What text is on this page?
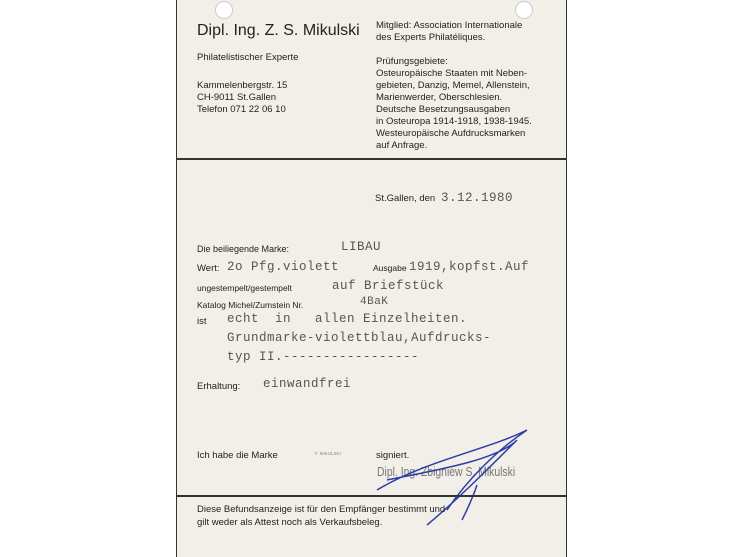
Dipl. Ing. Z. S. Mikulski
Philatelistischer Experte
Kammelenbergstr. 15
CH-9011 St.Gallen
Telefon 071 22 06 10
Mitglied: Association Internationale
des Experts Philatéliques.
Prüfungsgebiete:
Osteuropäische Staaten mit Neben-
gebieten, Danzig, Memel, Allenstein,
Marienwerder, Oberschlesien.
Deutsche Besetzungsausgaben
in Osteuropa 1914-1918, 1938-1945.
Westeuropäische Aufdrucksmarken
auf Anfrage.
St.Gallen, den 3.12.1980
Die beiliegende Marke:	LIBAU
Wert: 2o Pfg.violett	Ausgabe 1919,kopfst.Auf
ungestempelt/gestempelt	auf Briefstück
Katalog Michel/Zumstein Nr.	4BaK
ist echt  in   allen Einzelheiten.
Grundmarke-violettblau,Aufdrucks-
typ II.-----------------
Erhaltung: einwandfrei
Ich habe die Marke	F. MIKULSKI	signiert.
Dipl. Ing. Zbigniew S. Mikulski
Diese Befundsanzeige ist für den Empfänger bestimmt und
gilt weder als Attest noch als Verkaufsbeleg.
